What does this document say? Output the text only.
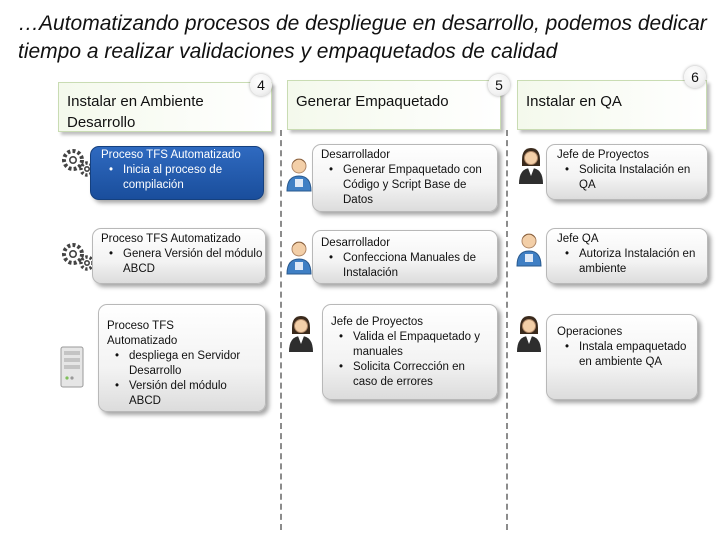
…Automatizando procesos de despliegue en desarrollo, podemos dedicar tiempo a realizar validaciones y empaquetados de calidad
Instalar en Ambiente Desarrollo
4
Generar Empaquetado
5
Instalar en QA
6
Proceso TFS Automatizado
• Inicia al proceso de compilación
Proceso TFS Automatizado
• Genera Versión del módulo ABCD
Proceso TFS Automatizado
• despliega en Servidor Desarrollo
• Versión del módulo ABCD
Desarrollador
• Generar Empaquetado con Código y Script Base de Datos
Desarrollador
• Confecciona Manuales de Instalación
Jefe de Proyectos
• Valida el Empaquetado y manuales
• Solicita Corrección en caso de errores
Jefe de Proyectos
• Solicita Instalación en QA
Jefe QA
• Autoriza Instalación en ambiente
Operaciones
• Instala empaquetado en ambiente QA
